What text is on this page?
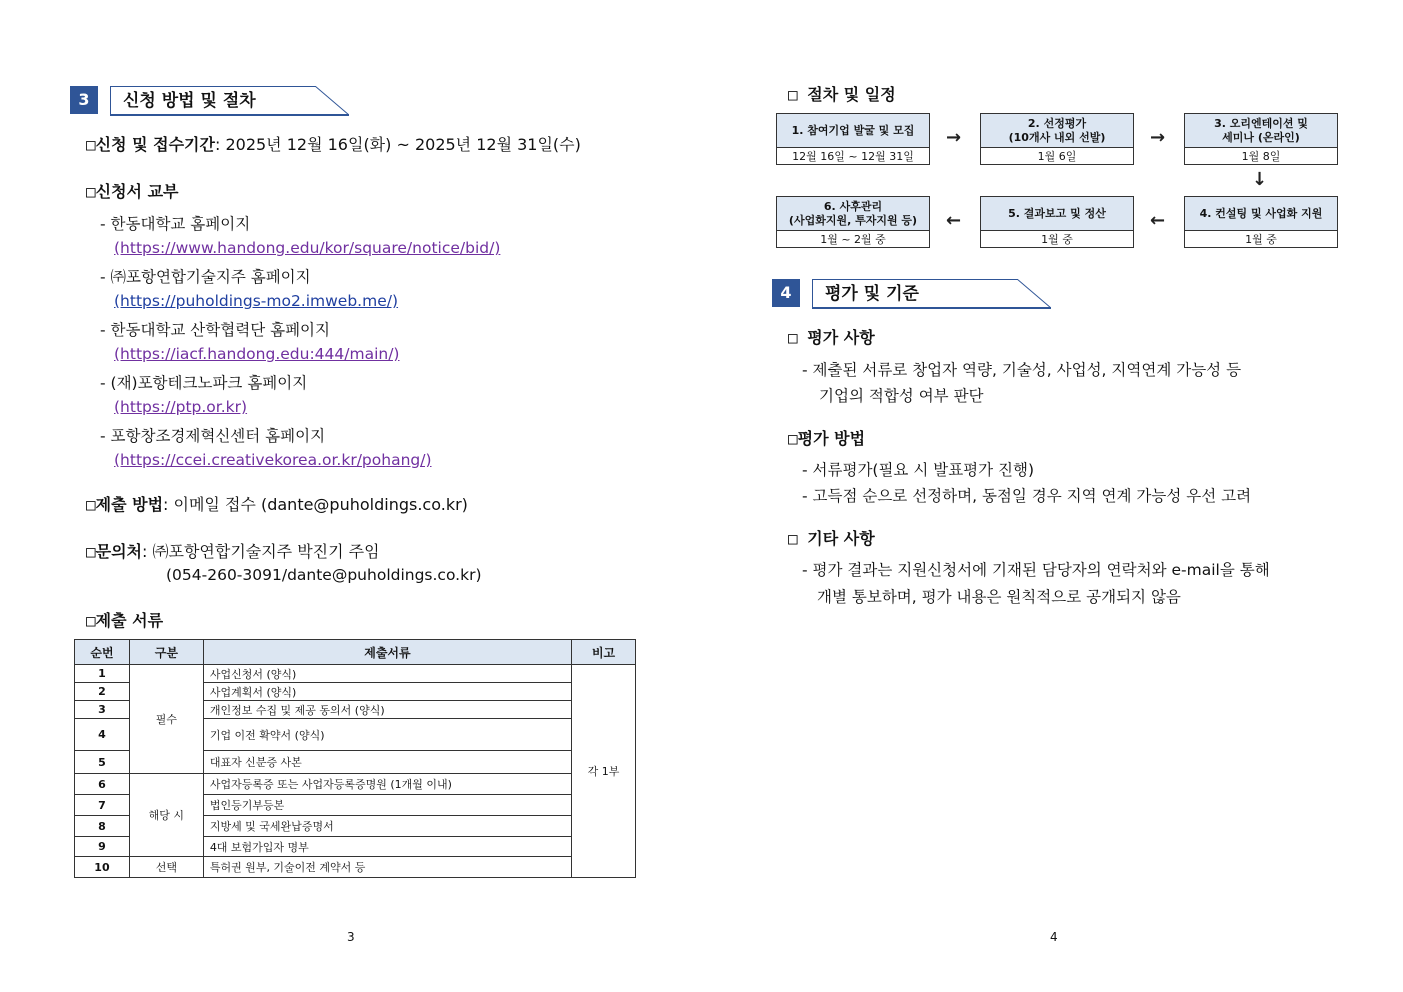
3	신청 방법 및 절차
□신청 및 접수기간: 2025년 12월 16일(화) ~ 2025년 12월 31일(수)
□신청서 교부
- 한동대학교 홈페이지
(https://www.handong.edu/kor/square/notice/bid/)
- ㈜포항연합기술지주 홈페이지
(https://puholdings-mo2.imweb.me/)
- 한동대학교 산학협력단 홈페이지
(https://iacf.handong.edu:444/main/)
- (재)포항테크노파크 홈페이지
(https://ptp.or.kr)
- 포항창조경제혁신센터 홈페이지
(https://ccei.creativekorea.or.kr/pohang/)
□제출 방법: 이메일 접수 (dante@puholdings.co.kr)
□문의처: ㈜포항연합기술지주 박진기 주임
(054-260-3091/dante@puholdings.co.kr)
□제출 서류
순번	구분	제출서류	비고
1	필수	사업신청서 (양식)	각 1부
2		사업계획서 (양식)	
3		개인정보 수집 및 제공 동의서 (양식)	
4		기업 이전 확약서 (양식)	
5		대표자 신분증 사본	
6	해당 시	사업자등록증 또는 사업자등록증명원 (1개월 이내)	
7		법인등기부등본	
8		지방세 및 국세완납증명서	
9		4대 보험가입자 명부	
10	선택	특허권 원부, 기술이전 계약서 등	
3
□ 절차 및 일정
1. 참여기업 발굴 및 모집
12월 16일 ~ 12월 31일
→
2. 선정평가
(10개사 내외 선발)
1월 6일
→
3. 오리엔테이션 및
세미나 (온라인)
1월 8일
↓
6. 사후관리
(사업화지원, 투자지원 등)
1월 ~ 2월 중
←	5. 결과보고 및 정산
1월 중
←	4. 컨설팅 및 사업화 지원
1월 중
4	평가 및 기준
□ 평가 사항
- 제출된 서류로 창업자 역량, 기술성, 사업성, 지역연계 가능성 등
기업의 적합성 여부 판단
□평가 방법
- 서류평가(필요 시 발표평가 진행)
- 고득점 순으로 선정하며, 동점일 경우 지역 연계 가능성 우선 고려
□ 기타 사항
- 평가 결과는 지원신청서에 기재된 담당자의 연락처와 e-mail을 통해
개별 통보하며, 평가 내용은 원칙적으로 공개되지 않음
4
